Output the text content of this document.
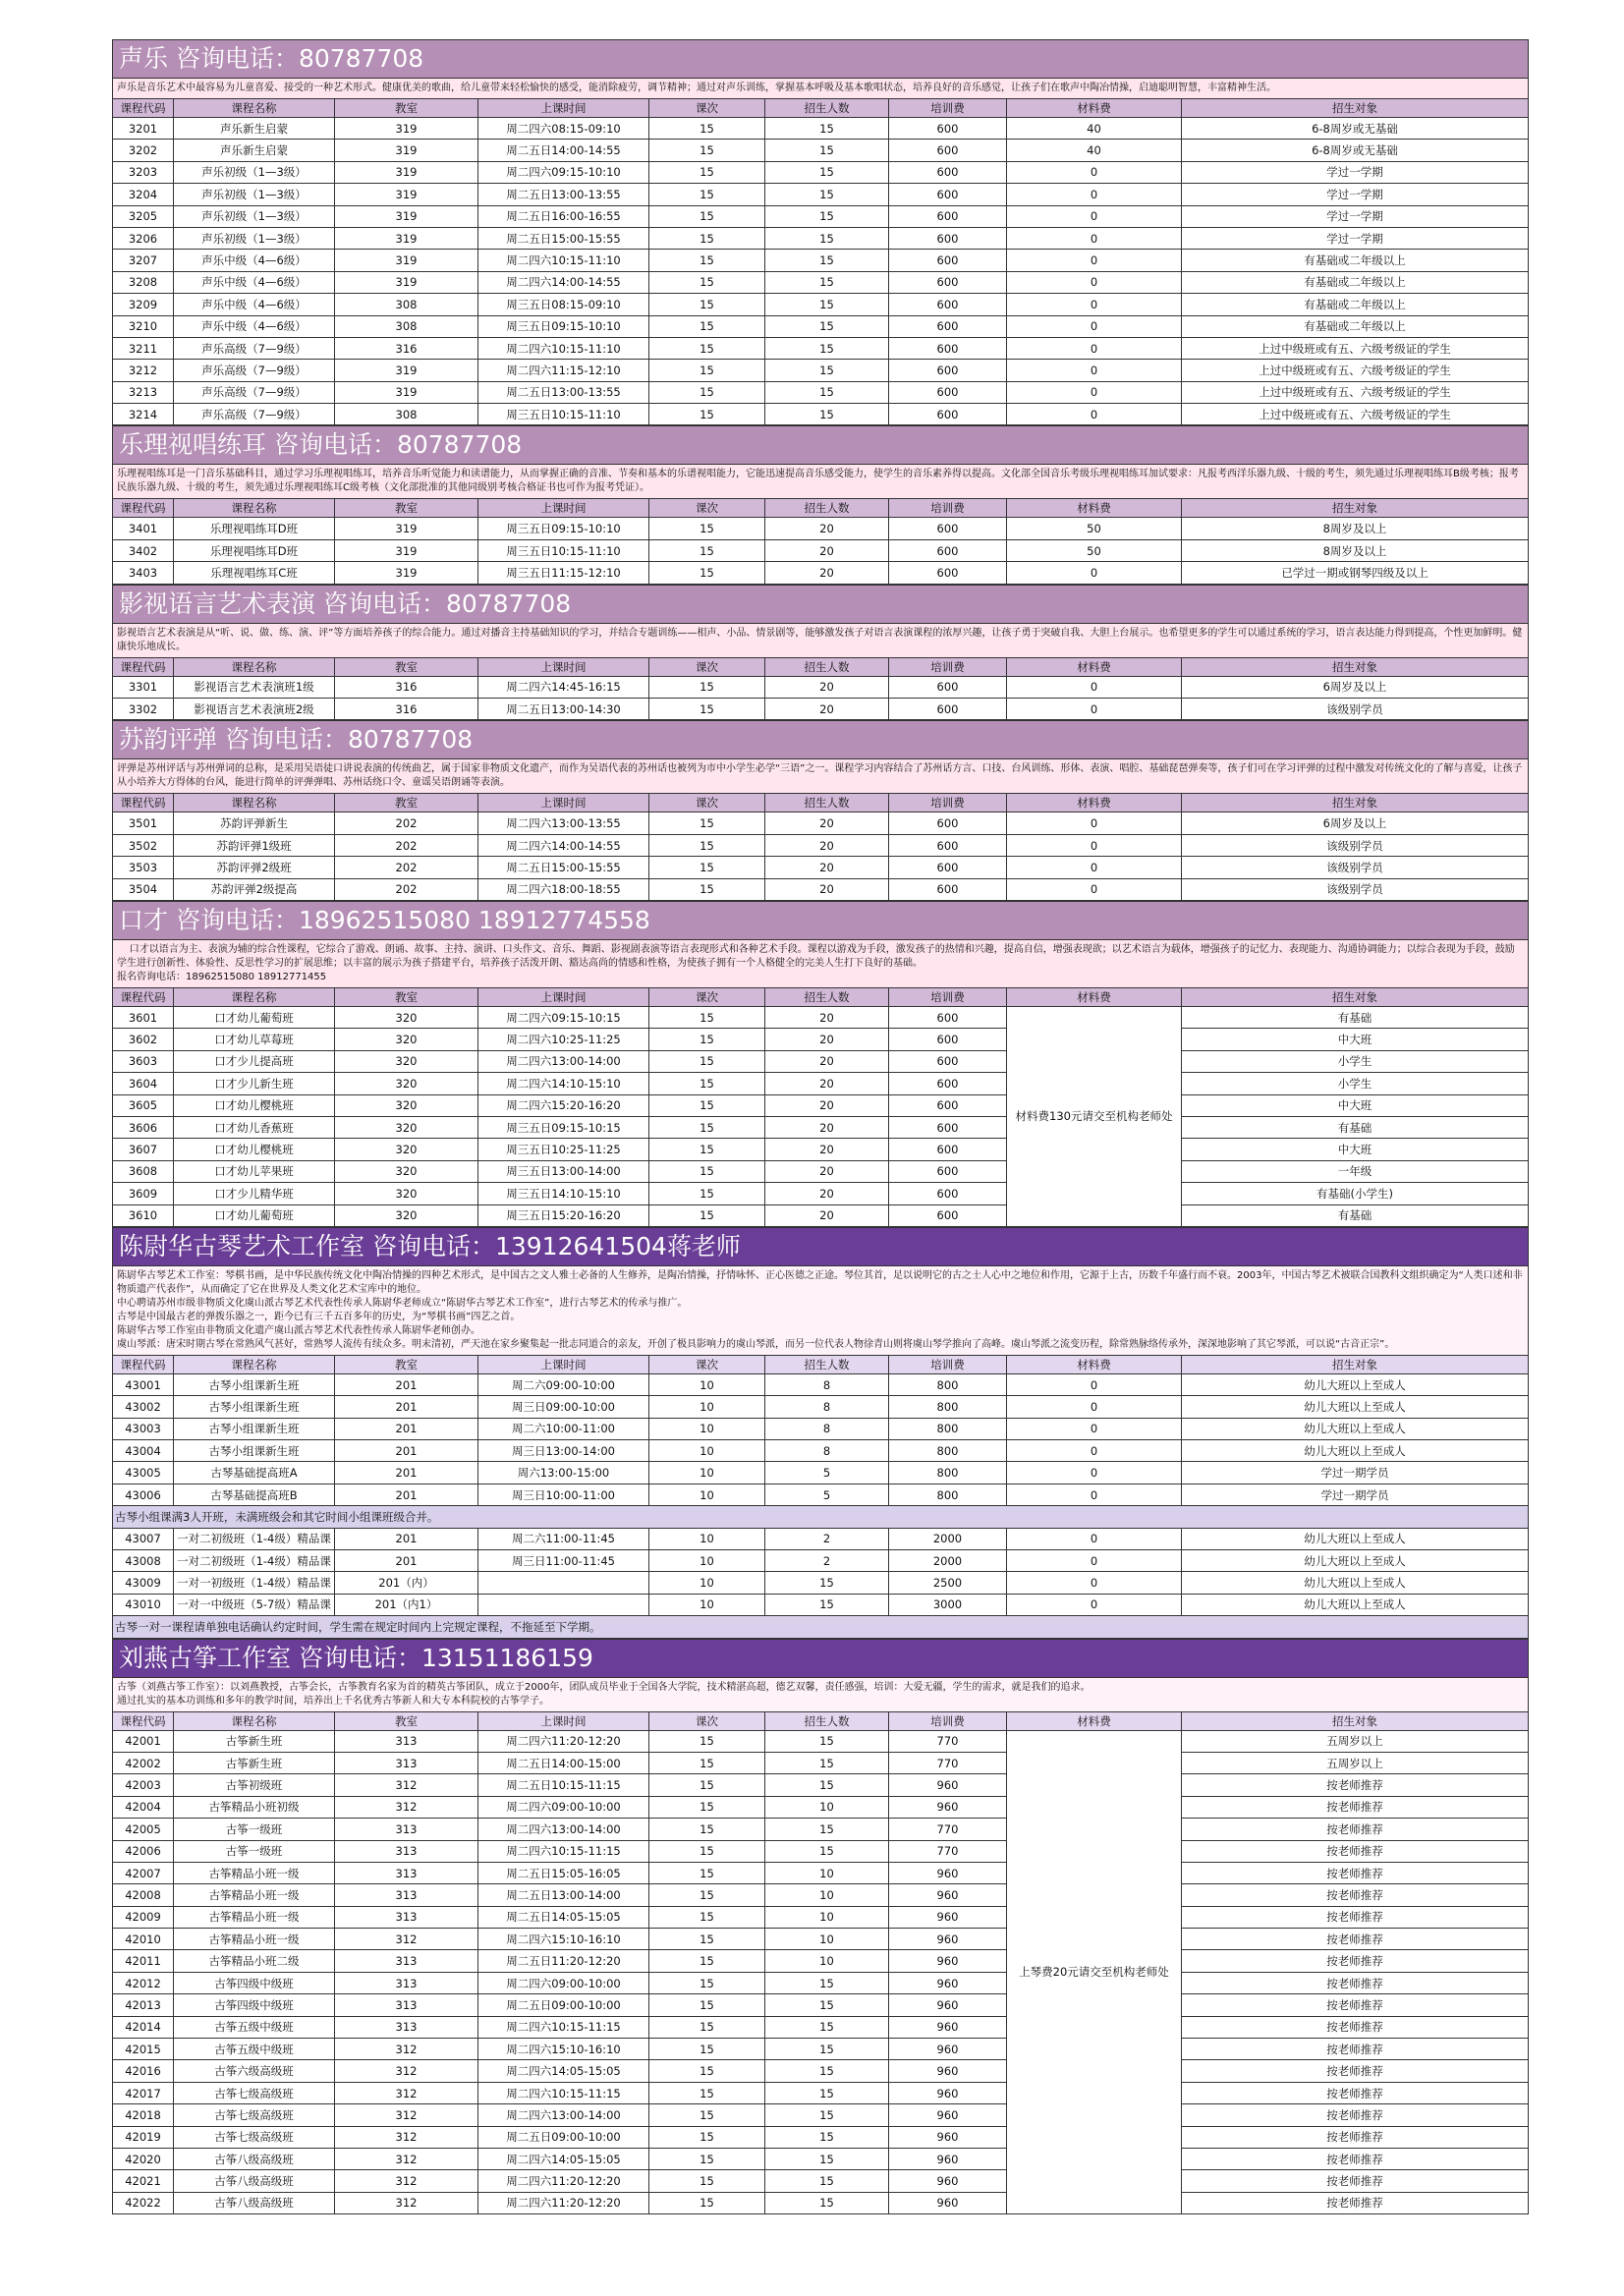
声乐 咨询电话：80787708
声乐是音乐艺术中最容易为儿童喜爱、接受的一种艺术形式。健康优美的歌曲，给儿童带来轻松愉快的感受，能消除疲劳，调节精神；通过对声乐训练，掌握基本呼吸及基本歌唱状态，培养良好的音乐感觉，让孩子们在歌声中陶冶情操，启迪聪明智慧，丰富精神生活。
课程代码	课程名称	教室	上课时间	课次	招生人数	培训费	材料费	招生对象
3201	声乐新生启蒙	319	周二四六08:15-09:10	15	15	600	40	6-8周岁或无基础
3202	声乐新生启蒙	319	周二五日14:00-14:55	15	15	600	40	6-8周岁或无基础
3203	声乐初级（1—3级）	319	周二四六09:15-10:10	15	15	600	0	学过一学期
3204	声乐初级（1—3级）	319	周二五日13:00-13:55	15	15	600	0	学过一学期
3205	声乐初级（1—3级）	319	周二五日16:00-16:55	15	15	600	0	学过一学期
3206	声乐初级（1—3级）	319	周二五日15:00-15:55	15	15	600	0	学过一学期
3207	声乐中级（4—6级）	319	周二四六10:15-11:10	15	15	600	0	有基础或二年级以上
3208	声乐中级（4—6级）	319	周二四六14:00-14:55	15	15	600	0	有基础或二年级以上
3209	声乐中级（4—6级）	308	周三五日08:15-09:10	15	15	600	0	有基础或二年级以上
3210	声乐中级（4—6级）	308	周三五日09:15-10:10	15	15	600	0	有基础或二年级以上
3211	声乐高级（7—9级）	316	周二四六10:15-11:10	15	15	600	0	上过中级班或有五、六级考级证的学生
3212	声乐高级（7—9级）	319	周二四六11:15-12:10	15	15	600	0	上过中级班或有五、六级考级证的学生
3213	声乐高级（7—9级）	319	周二五日13:00-13:55	15	15	600	0	上过中级班或有五、六级考级证的学生
3214	声乐高级（7—9级）	308	周三五日10:15-11:10	15	15	600	0	上过中级班或有五、六级考级证的学生
乐理视唱练耳 咨询电话：80787708
乐理视唱练耳是一门音乐基础科目，通过学习乐理视唱练耳，培养音乐听觉能力和读谱能力，从而掌握正确的音准、节奏和基本的乐谱视唱能力，它能迅速提高音乐感受能力，使学生的音乐素养得以提高。文化部全国音乐考级乐理视唱练耳加试要求：凡报考西洋乐器九级、十级的考生，须先通过乐理视唱练耳B级考核；报考民族乐器九级、十级的考生，须先通过乐理视唱练耳C级考核（文化部批准的其他同级别考核合格证书也可作为报考凭证）。
课程代码	课程名称	教室	上课时间	课次	招生人数	培训费	材料费	招生对象
3401	乐理视唱练耳D班	319	周三五日09:15-10:10	15	20	600	50	8周岁及以上
3402	乐理视唱练耳D班	319	周三五日10:15-11:10	15	20	600	50	8周岁及以上
3403	乐理视唱练耳C班	319	周三五日11:15-12:10	15	20	600	0	已学过一期或钢琴四级及以上
影视语言艺术表演 咨询电话：80787708
影视语言艺术表演是从“听、说、做、练、演、评”等方面培养孩子的综合能力。通过对播音主持基础知识的学习，并结合专题训练——相声、小品、情景剧等，能够激发孩子对语言表演课程的浓厚兴趣，让孩子勇于突破自我、大胆上台展示。也希望更多的学生可以通过系统的学习，语言表达能力得到提高，个性更加鲜明。健康快乐地成长。
课程代码	课程名称	教室	上课时间	课次	招生人数	培训费	材料费	招生对象
3301	影视语言艺术表演班1级	316	周二四六14:45-16:15	15	20	600	0	6周岁及以上
3302	影视语言艺术表演班2级	316	周二五日13:00-14:30	15	20	600	0	该级别学员
苏韵评弹 咨询电话：80787708
评弹是苏州评话与苏州弹词的总称，是采用吴语徒口讲说表演的传统曲艺，属于国家非物质文化遗产，而作为吴语代表的苏州话也被列为市中小学生必学“三语”之一。课程学习内容结合了苏州话方言、口技、台风训练、形体、表演、唱腔、基础琵琶弹奏等，孩子们可在学习评弹的过程中激发对传统文化的了解与喜爱，让孩子从小培养大方得体的台风，能进行简单的评弹弹唱、苏州话绕口令、童谣吴语朗诵等表演。
课程代码	课程名称	教室	上课时间	课次	招生人数	培训费	材料费	招生对象
3501	苏韵评弹新生	202	周二四六13:00-13:55	15	20	600	0	6周岁及以上
3502	苏韵评弹1级班	202	周二四六14:00-14:55	15	20	600	0	该级别学员
3503	苏韵评弹2级班	202	周二五日15:00-15:55	15	20	600	0	该级别学员
3504	苏韵评弹2级提高	202	周二四六18:00-18:55	15	20	600	0	该级别学员
口才 咨询电话：18962515080 18912774558
口才以语言为主、表演为辅的综合性课程，它综合了游戏、朗诵、故事、主持、演讲、口头作文、音乐、舞蹈、影视剧表演等语言表现形式和各种艺术手段。课程以游戏为手段，激发孩子的热情和兴趣，提高自信，增强表现欲；以艺术语言为载体，增强孩子的记忆力、表现能力、沟通协调能力；以综合表现为手段，鼓励学生进行创新性、体验性、反思性学习的扩展思维；以丰富的展示为孩子搭建平台，培养孩子活泼开朗、豁达高尚的情感和性格，为使孩子拥有一个人格健全的完美人生打下良好的基础。
报名咨询电话：18962515080 18912771455
课程代码	课程名称	教室	上课时间	课次	招生人数	培训费	材料费	招生对象
3601	口才幼儿葡萄班	320	周二四六09:15-10:15	15	20	600	材料费130元请交至机构老师处	有基础
3602	口才幼儿草莓班	320	周二四六10:25-11:25	15	20	600		中大班
3603	口才少儿提高班	320	周二四六13:00-14:00	15	20	600		小学生
3604	口才少儿新生班	320	周二四六14:10-15:10	15	20	600		小学生
3605	口才幼儿樱桃班	320	周二四六15:20-16:20	15	20	600		中大班
3606	口才幼儿香蕉班	320	周三五日09:15-10:15	15	20	600		有基础
3607	口才幼儿樱桃班	320	周三五日10:25-11:25	15	20	600		中大班
3608	口才幼儿苹果班	320	周三五日13:00-14:00	15	20	600		一年级
3609	口才少儿精华班	320	周三五日14:10-15:10	15	20	600		有基础(小学生)
3610	口才幼儿葡萄班	320	周三五日15:20-16:20	15	20	600		有基础
陈尉华古琴艺术工作室 咨询电话：13912641504蒋老师
陈尉华古琴艺术工作室：琴棋书画，是中华民族传统文化中陶冶情操的四种艺术形式，是中国古之文人雅士必备的人生修养，是陶冶情操，抒情咏怀、正心医德之正途。琴位其首，足以说明它的古之士人心中之地位和作用，它源于上古，历数千年盛行而不衰。2003年，中国古琴艺术被联合国教科文组织确定为“人类口述和非物质遗产代表作”，从而确定了它在世界及人类文化艺术宝库中的地位。
中心聘请苏州市级非物质文化虞山派古琴艺术代表性传承人陈尉华老师成立“陈尉华古琴艺术工作室”，进行古琴艺术的传承与推广。
古琴是中国最古老的弹拨乐器之一，距今已有三千五百多年的历史，为“琴棋书画”四艺之首。
陈尉华古琴工作室由非物质文化遗产虞山派古琴艺术代表性传承人陈尉华老师创办。
虞山琴派：唐宋时期古琴在常熟风气甚好，常熟琴人流传有续众多。明末清初，严天池在家乡聚集起一批志同道合的亲友，开创了极具影响力的虞山琴派，而另一位代表人物徐青山则将虞山琴学推向了高峰。虞山琴派之流变历程，除常熟脉络传承外，深深地影响了其它琴派，可以说“古音正宗”。
课程代码	课程名称	教室	上课时间	课次	招生人数	培训费	材料费	招生对象
43001	古琴小组课新生班	201	周二六09:00-10:00	10	8	800	0	幼儿大班以上至成人
43002	古琴小组课新生班	201	周三日09:00-10:00	10	8	800	0	幼儿大班以上至成人
43003	古琴小组课新生班	201	周二六10:00-11:00	10	8	800	0	幼儿大班以上至成人
43004	古琴小组课新生班	201	周三日13:00-14:00	10	8	800	0	幼儿大班以上至成人
43005	古琴基础提高班A	201	周六13:00-15:00	10	5	800	0	学过一期学员
43006	古琴基础提高班B	201	周三日10:00-11:00	10	5	800	0	学过一期学员
古琴小组课满3人开班，未满班级会和其它时间小组课班级合并。								
43007	一对二初级班（1-4级）精品课	201	周二六11:00-11:45	10	2	2000	0	幼儿大班以上至成人
43008	一对二初级班（1-4级）精品课	201	周三日11:00-11:45	10	2	2000	0	幼儿大班以上至成人
43009	一对一初级班（1-4级）精品课	201（内）		10	15	2500	0	幼儿大班以上至成人
43010	一对一中级班（5-7级）精品课	201（内1）		10	15	3000	0	幼儿大班以上至成人
古琴一对一课程请单独电话确认约定时间，学生需在规定时间内上完规定课程，不拖延至下学期。								
刘燕古筝工作室 咨询电话：13151186159
古筝（刘燕古筝工作室）：以刘燕教授，古筝会长，古筝教育名家为首的精英古筝团队，成立于2000年，团队成员毕业于全国各大学院，技术精湛高超，德艺双馨，责任感强，培训：大爱无疆，学生的需求，就是我们的追求。
通过扎实的基本功训练和多年的教学时间，培养出上千名优秀古筝新人和大专本科院校的古筝学子。
课程代码	课程名称	教室	上课时间	课次	招生人数	培训费	材料费	招生对象
42001	古筝新生班	313	周二四六11:20-12:20	15	15	770	上琴费20元请交至机构老师处	五周岁以上
42002	古筝新生班	313	周二五日14:00-15:00	15	15	770		五周岁以上
42003	古筝初级班	312	周二五日10:15-11:15	15	15	960		按老师推荐
42004	古筝精品小班初级	312	周二四六09:00-10:00	15	10	960		按老师推荐
42005	古筝一级班	313	周二四六13:00-14:00	15	15	770		按老师推荐
42006	古筝一级班	313	周二四六10:15-11:15	15	15	770		按老师推荐
42007	古筝精品小班一级	313	周二五日15:05-16:05	15	10	960		按老师推荐
42008	古筝精品小班一级	313	周二五日13:00-14:00	15	10	960		按老师推荐
42009	古筝精品小班一级	313	周二五日14:05-15:05	15	10	960		按老师推荐
42010	古筝精品小班一级	312	周二四六15:10-16:10	15	10	960		按老师推荐
42011	古筝精品小班二级	313	周二五日11:20-12:20	15	10	960		按老师推荐
42012	古筝四级中级班	313	周二四六09:00-10:00	15	15	960		按老师推荐
42013	古筝四级中级班	313	周二五日09:00-10:00	15	15	960		按老师推荐
42014	古筝五级中级班	313	周二四六10:15-11:15	15	15	960		按老师推荐
42015	古筝五级中级班	312	周二四六15:10-16:10	15	15	960		按老师推荐
42016	古筝六级高级班	312	周二四六14:05-15:05	15	15	960		按老师推荐
42017	古筝七级高级班	312	周二四六10:15-11:15	15	15	960		按老师推荐
42018	古筝七级高级班	312	周二四六13:00-14:00	15	15	960		按老师推荐
42019	古筝七级高级班	312	周二五日09:00-10:00	15	15	960		按老师推荐
42020	古筝八级高级班	312	周二四六14:05-15:05	15	15	960		按老师推荐
42021	古筝八级高级班	312	周二四六11:20-12:20	15	15	960		按老师推荐
42022	古筝八级高级班	312	周二四六11:20-12:20	15	15	960		按老师推荐
